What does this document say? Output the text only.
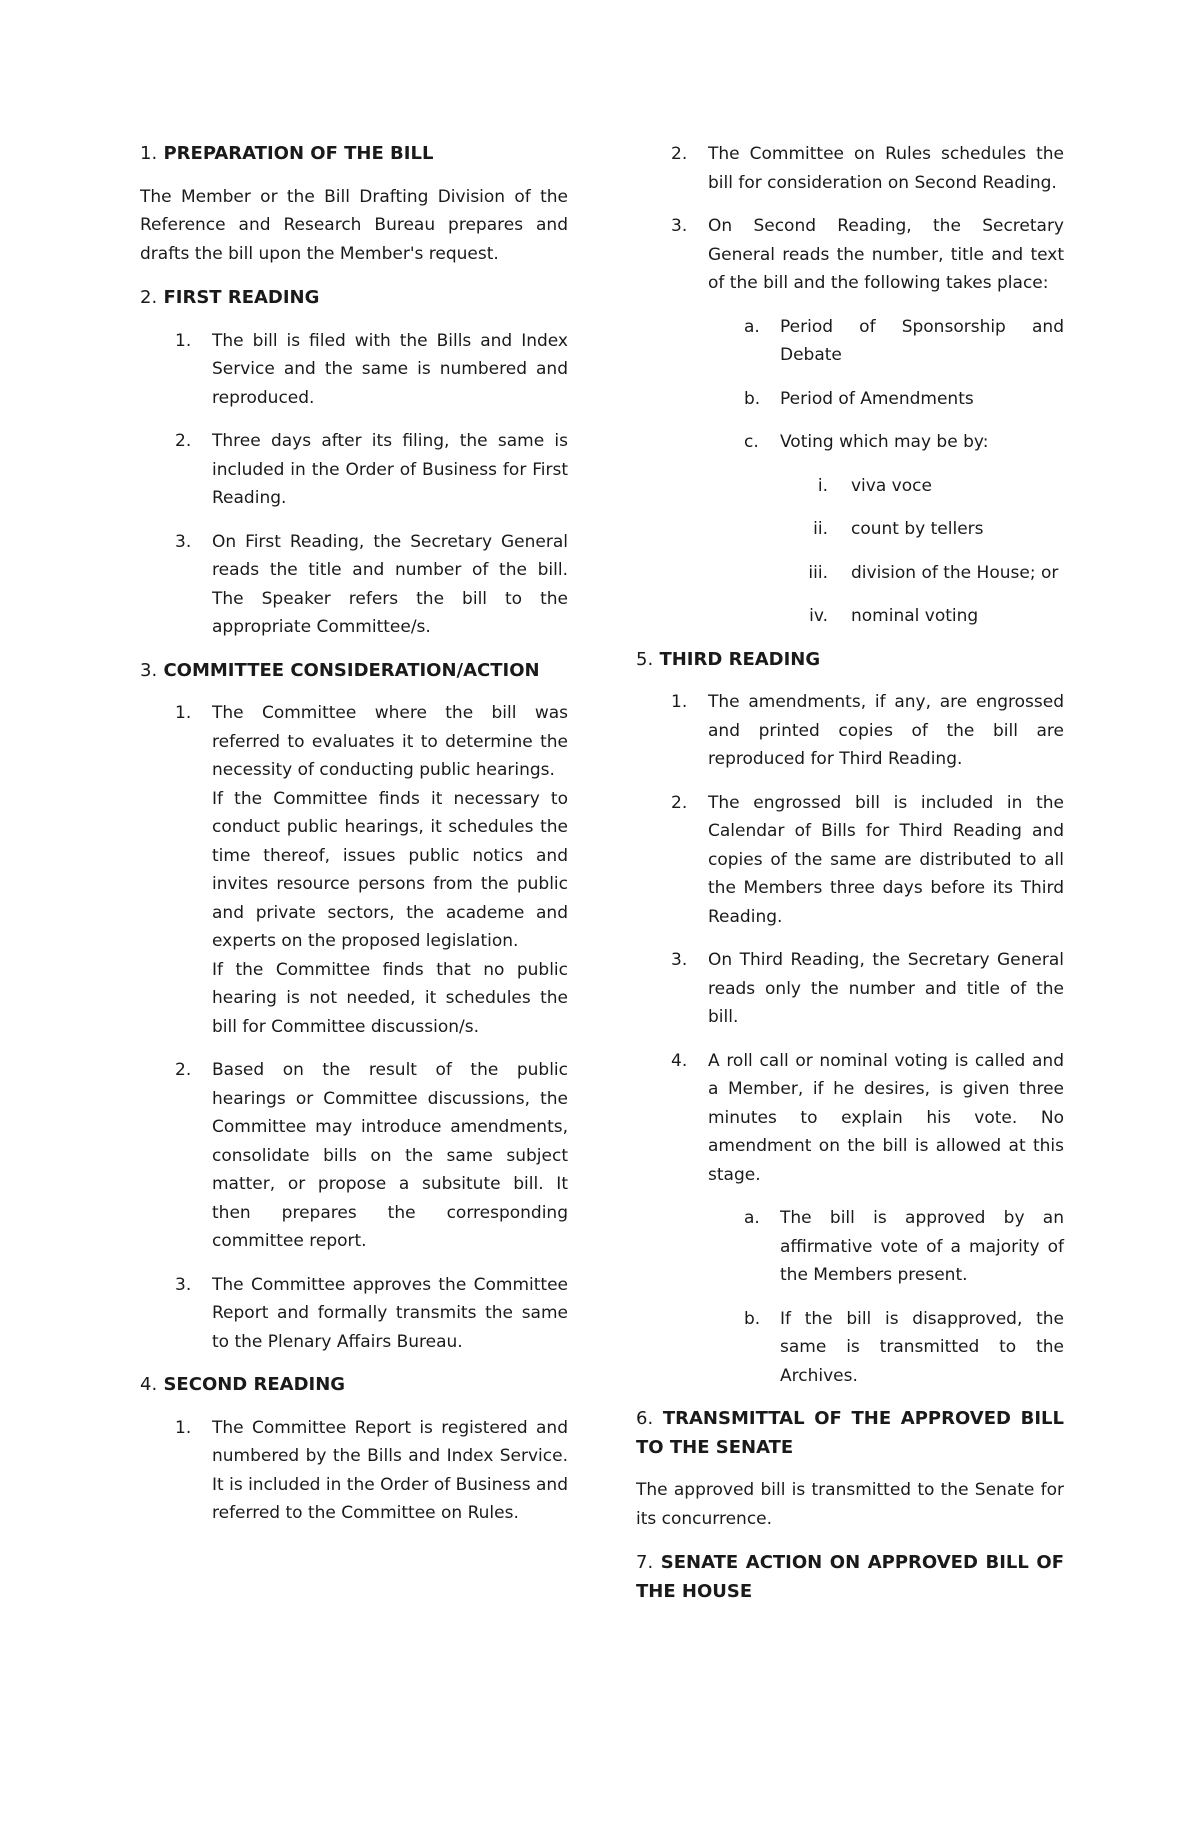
1. PREPARATION OF THE BILL

The Member or the Bill Drafting Division of the Reference and Research Bureau prepares and drafts the bill upon the Member's request.

2. FIRST READING
1. The bill is filed with the Bills and Index Service and the same is numbered and reproduced.
2. Three days after its filing, the same is included in the Order of Business for First Reading.
3. On First Reading, the Secretary General reads the title and number of the bill. The Speaker refers the bill to the appropriate Committee/s.
3. COMMITTEE CONSIDERATION/ACTION
1. The Committee where the bill was referred to evaluates it to determine the necessity of conducting public hearings.

If the Committee finds it necessary to conduct public hearings, it schedules the time thereof, issues public notics and invites resource persons from the public and private sectors, the academe and experts on the proposed legislation.

If the Committee finds that no public hearing is not needed, it schedules the bill for Committee discussion/s.

2. Based on the result of the public hearings or Committee discussions, the Committee may introduce amendments, consolidate bills on the same subject matter, or propose a subsitute bill. It then prepares the corresponding committee report.
3. The Committee approves the Committee Report and formally transmits the same to the Plenary Affairs Bureau.
4. SECOND READING
1. The Committee Report is registered and numbered by the Bills and Index Service. It is included in the Order of Business and referred to the Committee on Rules.
2. The Committee on Rules schedules the bill for consideration on Second Reading.
3. On Second Reading, the Secretary General reads the number, title and text of the bill and the following takes place:
a. Period of Sponsorship and Debate
b. Period of Amendments
c. Voting which may be by:
i. viva voce
ii. count by tellers
iii. division of the House; or
iv. nominal voting
5. THIRD READING
1. The amendments, if any, are engrossed and printed copies of the bill are reproduced for Third Reading.
2. The engrossed bill is included in the Calendar of Bills for Third Reading and copies of the same are distributed to all the Members three days before its Third Reading.
3. On Third Reading, the Secretary General reads only the number and title of the bill.
4. A roll call or nominal voting is called and a Member, if he desires, is given three minutes to explain his vote. No amendment on the bill is allowed at this stage.
a. The bill is approved by an affirmative vote of a majority of the Members present.
b. If the bill is disapproved, the same is transmitted to the Archives.
6. TRANSMITTAL OF THE APPROVED BILL TO THE SENATE

The approved bill is transmitted to the Senate for its concurrence.

7. SENATE ACTION ON APPROVED BILL OF THE HOUSE
